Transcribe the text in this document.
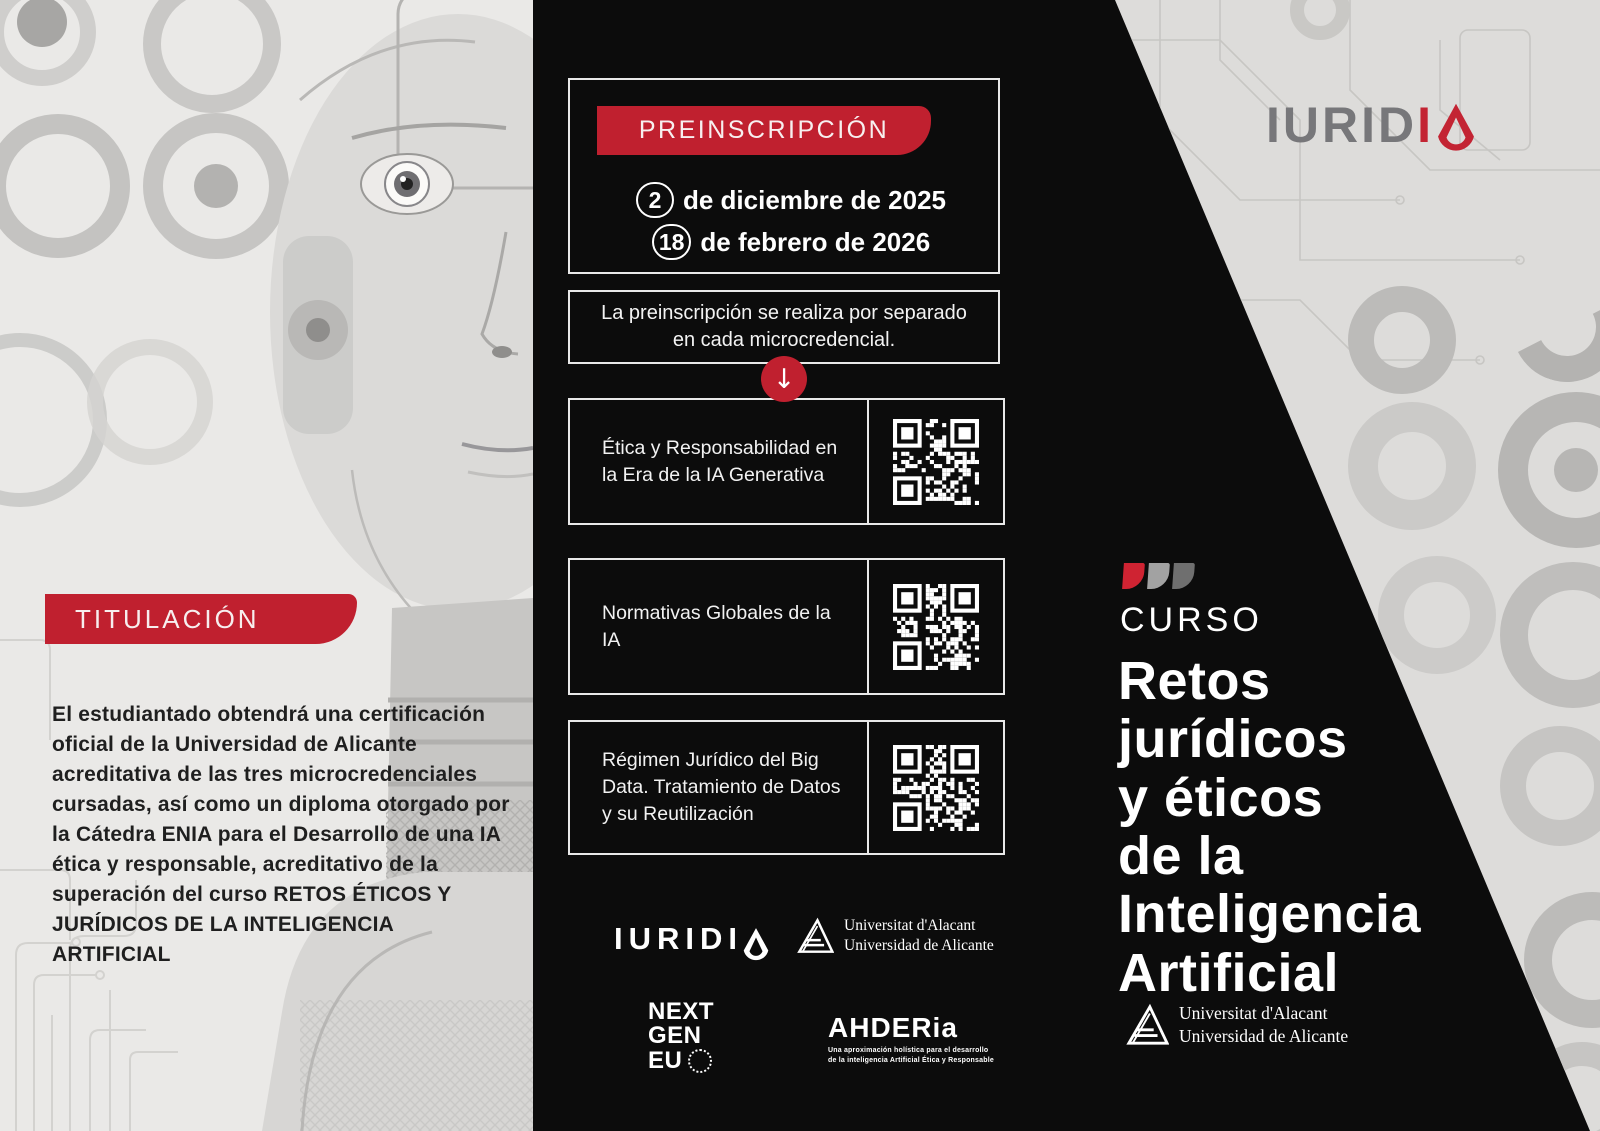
TITULACIÓN
El estudiantado obtendrá una certificación oficial de la Universidad de Alicante acreditativa de las tres microcredenciales cursadas, así como un diploma otorgado por la Cátedra ENIA para el Desarrollo de una IA ética y responsable, acreditativo de la superación del curso RETOS ÉTICOS Y JURÍDICOS DE LA INTELIGENCIA ARTIFICIAL
IURID I
PREINSCRIPCIÓN
2 de diciembre de 2025
18 de febrero de 2026
La preinscripción se realiza por separado en cada microcredencial.
↓
Ética y Responsabilidad en la Era de la IA Generativa
Normativas Globales de la IA
Régimen Jurídico del Big Data. Tratamiento de Datos y su Reutilización
IURIDI	Universitat d'Alacant
Universidad de Alicante
NEXT
GEN
EU
AHDERia
Una aproximación holística para el desarrollo
de la inteligencia Artificial Ética y Responsable
CURSO
Retos
jurídicos
y éticos
de la
Inteligencia
Artificial
Universitat d'Alacant
Universidad de Alicante
